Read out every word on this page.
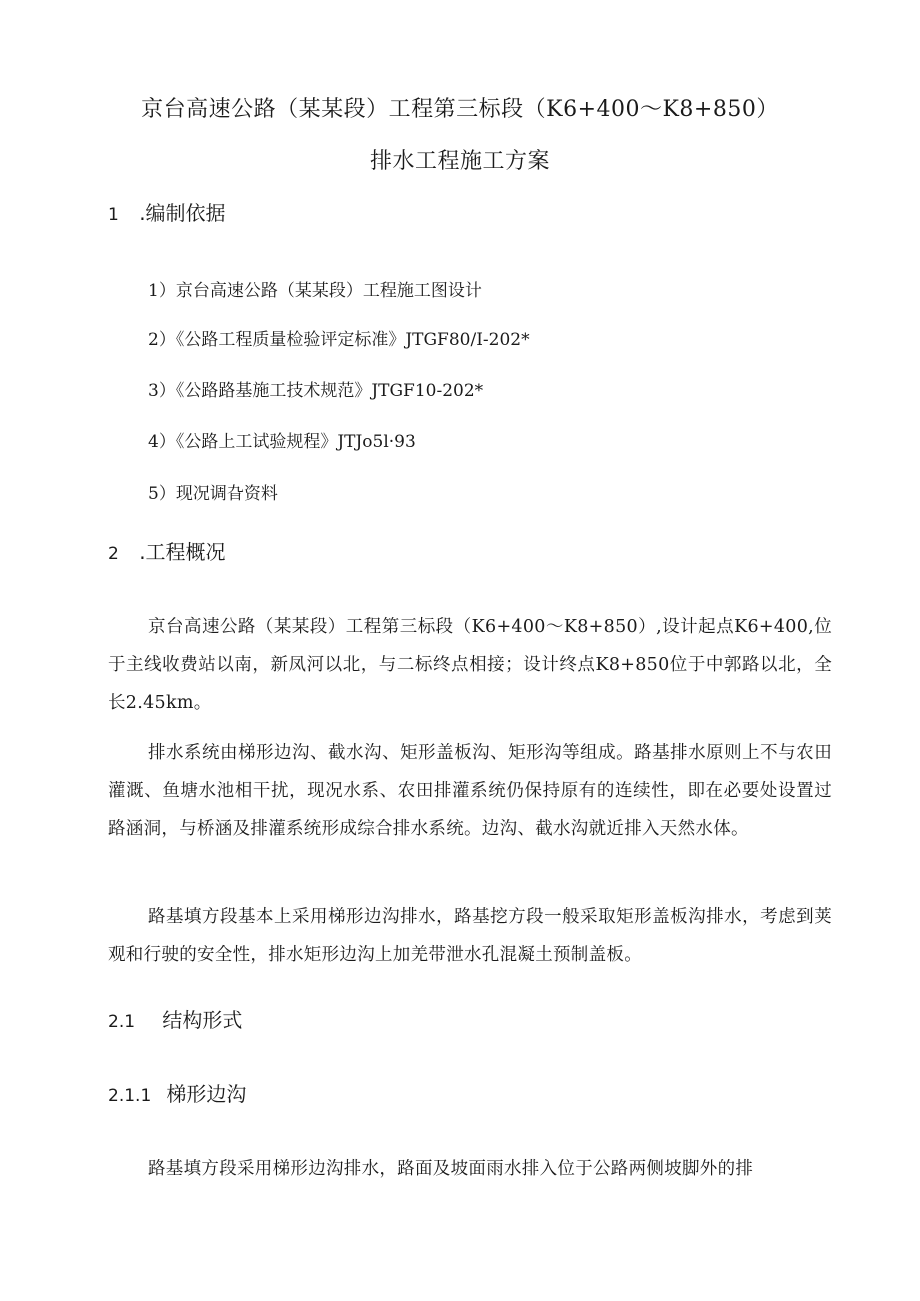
京台高速公路（某某段）工程第三标段（K6+400～K8+850）
排水工程施工方案
1 .编制依据
1）京台高速公路（某某段）工程施工图设计
2）《公路工程质量检验评定标准》JTGF80/I-202*
3）《公路路基施工技术规范》JTGF10-202*
4）《公路上工试验规程》JTJo5l·93
5）现况调旮资料
2 .工程概况
京台高速公路（某某段）工程第三标段（K6+400～K8+850）,设计起点K6+400,位于主线收费站以南，新凤河以北，与二标终点相接；设计终点K8+850位于中郭路以北，全长2.45km。
排水系统由梯形边沟、截水沟、矩形盖板沟、矩形沟等组成。路基排水原则上不与农田灌溉、鱼塘水池相干扰，现况水系、农田排灌系统仍保持原有的连续性，即在必要处设置过路涵洞，与桥涵及排灌系统形成综合排水系统。边沟、截水沟就近排入天然水体。
路基填方段基本上采用梯形边沟排水，路基挖方段一般采取矩形盖板沟排水，考虑到荚观和行驶的安全性，排水矩形边沟上加羌带泄水孔混凝土预制盖板。
2.1 结构形式
2.1.1 梯形边沟
路基填方段采用梯形边沟排水，路面及坡面雨水排入位于公路两侧坡脚外的排
